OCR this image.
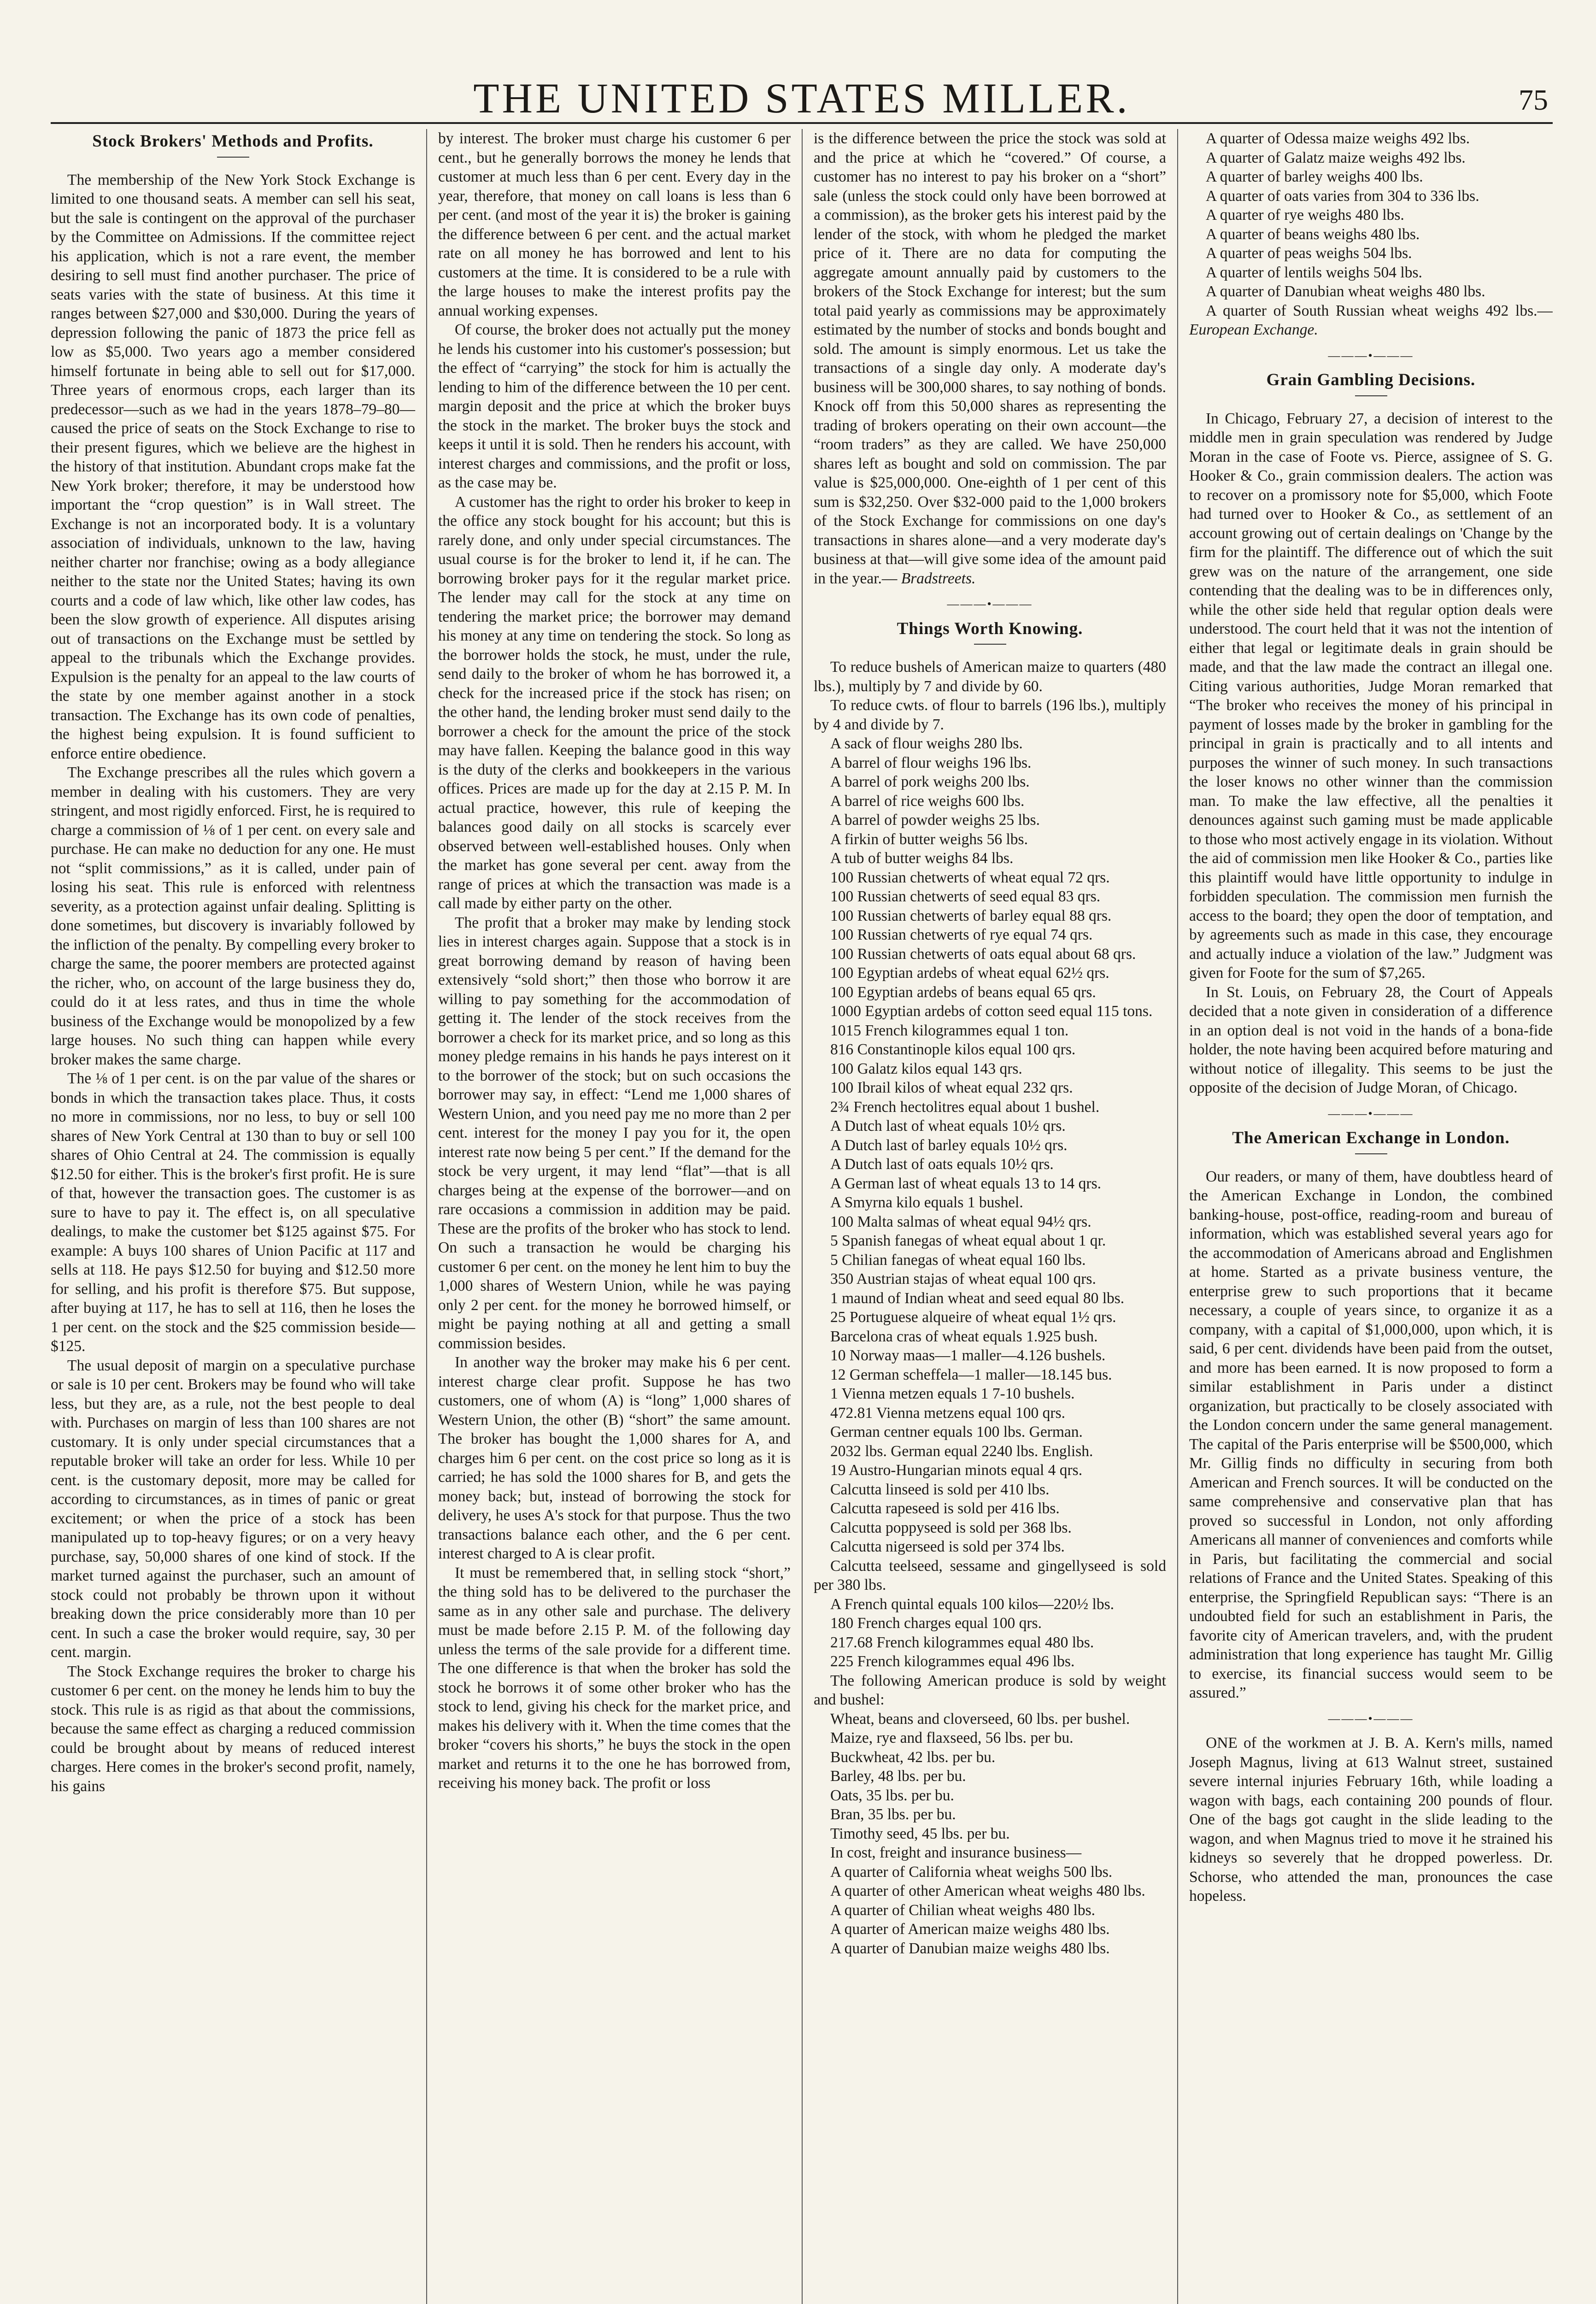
THE UNITED STATES MILLER.	75
Stock Brokers' Methods and Profits.

The membership of the New York Stock Exchange is limited to one thousand seats. A member can sell his seat, but the sale is contingent on the approval of the purchaser by the Committee on Admissions. If the committee reject his application, which is not a rare event, the member desiring to sell must find another purchaser. The price of seats varies with the state of business. At this time it ranges between $27,000 and $30,000. During the years of depression following the panic of 1873 the price fell as low as $5,000. Two years ago a member considered himself fortunate in being able to sell out for $17,000. Three years of enormous crops, each larger than its predecessor—such as we had in the years 1878–79–80—caused the price of seats on the Stock Exchange to rise to their present figures, which we believe are the highest in the history of that institution. Abundant crops make fat the New York broker; therefore, it may be understood how important the “crop question” is in Wall street. The Exchange is not an incorporated body. It is a voluntary association of individuals, unknown to the law, having neither charter nor franchise; owing as a body allegiance neither to the state nor the United States; having its own courts and a code of law which, like other law codes, has been the slow growth of experience. All disputes arising out of transactions on the Exchange must be settled by appeal to the tribunals which the Exchange provides. Expulsion is the penalty for an appeal to the law courts of the state by one member against another in a stock transaction. The Exchange has its own code of penalties, the highest being expulsion. It is found sufficient to enforce entire obedience.

The Exchange prescribes all the rules which govern a member in dealing with his customers. They are very stringent, and most rigidly enforced. First, he is required to charge a commission of ⅛ of 1 per cent. on every sale and purchase. He can make no deduction for any one. He must not “split commissions,” as it is called, under pain of losing his seat. This rule is enforced with relentness severity, as a protection against unfair dealing. Splitting is done sometimes, but discovery is invariably followed by the infliction of the penalty. By compelling every broker to charge the same, the poorer members are protected against the richer, who, on account of the large business they do, could do it at less rates, and thus in time the whole business of the Exchange would be monopolized by a few large houses. No such thing can happen while every broker makes the same charge.

The ⅛ of 1 per cent. is on the par value of the shares or bonds in which the transaction takes place. Thus, it costs no more in commissions, nor no less, to buy or sell 100 shares of New York Central at 130 than to buy or sell 100 shares of Ohio Central at 24. The commission is equally $12.50 for either. This is the broker's first profit. He is sure of that, however the transaction goes. The customer is as sure to have to pay it. The effect is, on all speculative dealings, to make the customer bet $125 against $75. For example: A buys 100 shares of Union Pacific at 117 and sells at 118. He pays $12.50 for buying and $12.50 more for selling, and his profit is therefore $75. But suppose, after buying at 117, he has to sell at 116, then he loses the 1 per cent. on the stock and the $25 commission beside—$125.

The usual deposit of margin on a speculative purchase or sale is 10 per cent. Brokers may be found who will take less, but they are, as a rule, not the best people to deal with. Purchases on margin of less than 100 shares are not customary. It is only under special circumstances that a reputable broker will take an order for less. While 10 per cent. is the customary deposit, more may be called for according to circumstances, as in times of panic or great excitement; or when the price of a stock has been manipulated up to top-heavy figures; or on a very heavy purchase, say, 50,000 shares of one kind of stock. If the market turned against the purchaser, such an amount of stock could not probably be thrown upon it without breaking down the price considerably more than 10 per cent. In such a case the broker would require, say, 30 per cent. margin.

The Stock Exchange requires the broker to charge his customer 6 per cent. on the money he lends him to buy the stock. This rule is as rigid as that about the commissions, because the same effect as charging a reduced commission could be brought about by means of reduced interest charges. Here comes in the broker's second profit, namely, his gains

by interest. The broker must charge his customer 6 per cent., but he generally borrows the money he lends that customer at much less than 6 per cent. Every day in the year, therefore, that money on call loans is less than 6 per cent. (and most of the year it is) the broker is gaining the difference between 6 per cent. and the actual market rate on all money he has borrowed and lent to his customers at the time. It is considered to be a rule with the large houses to make the interest profits pay the annual working expenses.

Of course, the broker does not actually put the money he lends his customer into his customer's possession; but the effect of “carrying” the stock for him is actually the lending to him of the difference between the 10 per cent. margin deposit and the price at which the broker buys the stock in the market. The broker buys the stock and keeps it until it is sold. Then he renders his account, with interest charges and commissions, and the profit or loss, as the case may be.

A customer has the right to order his broker to keep in the office any stock bought for his account; but this is rarely done, and only under special circumstances. The usual course is for the broker to lend it, if he can. The borrowing broker pays for it the regular market price. The lender may call for the stock at any time on tendering the market price; the borrower may demand his money at any time on tendering the stock. So long as the borrower holds the stock, he must, under the rule, send daily to the broker of whom he has borrowed it, a check for the increased price if the stock has risen; on the other hand, the lending broker must send daily to the borrower a check for the amount the price of the stock may have fallen. Keeping the balance good in this way is the duty of the clerks and bookkeepers in the various offices. Prices are made up for the day at 2.15 P. M. In actual practice, however, this rule of keeping the balances good daily on all stocks is scarcely ever observed between well-established houses. Only when the market has gone several per cent. away from the range of prices at which the transaction was made is a call made by either party on the other.

The profit that a broker may make by lending stock lies in interest charges again. Suppose that a stock is in great borrowing demand by reason of having been extensively “sold short;” then those who borrow it are willing to pay something for the accommodation of getting it. The lender of the stock receives from the borrower a check for its market price, and so long as this money pledge remains in his hands he pays interest on it to the borrower of the stock; but on such occasions the borrower may say, in effect: “Lend me 1,000 shares of Western Union, and you need pay me no more than 2 per cent. interest for the money I pay you for it, the open interest rate now being 5 per cent.” If the demand for the stock be very urgent, it may lend “flat”—that is all charges being at the expense of the borrower—and on rare occasions a commission in addition may be paid. These are the profits of the broker who has stock to lend. On such a transaction he would be charging his customer 6 per cent. on the money he lent him to buy the 1,000 shares of Western Union, while he was paying only 2 per cent. for the money he borrowed himself, or might be paying nothing at all and getting a small commission besides.

In another way the broker may make his 6 per cent. interest charge clear profit. Suppose he has two customers, one of whom (A) is “long” 1,000 shares of Western Union, the other (B) “short” the same amount. The broker has bought the 1,000 shares for A, and charges him 6 per cent. on the cost price so long as it is carried; he has sold the 1000 shares for B, and gets the money back; but, instead of borrowing the stock for delivery, he uses A's stock for that purpose. Thus the two transactions balance each other, and the 6 per cent. interest charged to A is clear profit.

It must be remembered that, in selling stock “short,” the thing sold has to be delivered to the purchaser the same as in any other sale and purchase. The delivery must be made before 2.15 P. M. of the following day unless the terms of the sale provide for a different time. The one difference is that when the broker has sold the stock he borrows it of some other broker who has the stock to lend, giving his check for the market price, and makes his delivery with it. When the time comes that the broker “covers his shorts,” he buys the stock in the open market and returns it to the one he has borrowed from, receiving his money back. The profit or loss

is the difference between the price the stock was sold at and the price at which he “covered.” Of course, a customer has no interest to pay his broker on a “short” sale (unless the stock could only have been borrowed at a commission), as the broker gets his interest paid by the lender of the stock, with whom he pledged the market price of it. There are no data for computing the aggregate amount annually paid by customers to the brokers of the Stock Exchange for interest; but the sum total paid yearly as commissions may be approximately estimated by the number of stocks and bonds bought and sold. The amount is simply enormous. Let us take the transactions of a single day only. A moderate day's business will be 300,000 shares, to say nothing of bonds. Knock off from this 50,000 shares as representing the trading of brokers operating on their own account—the “room traders” as they are called. We have 250,000 shares left as bought and sold on commission. The par value is $25,000,000. One-eighth of 1 per cent of this sum is $32,250. Over $32-000 paid to the 1,000 brokers of the Stock Exchange for commissions on one day's transactions in shares alone—and a very moderate day's business at that—will give some idea of the amount paid in the year.— Bradstreets.

———•———
Things Worth Knowing.
To reduce bushels of American maize to quarters (480 lbs.), multiply by 7 and divide by 60.
To reduce cwts. of flour to barrels (196 lbs.), multiply by 4 and divide by 7.
A sack of flour weighs 280 lbs.
A barrel of flour weighs 196 lbs.
A barrel of pork weighs 200 lbs.
A barrel of rice weighs 600 lbs.
A barrel of powder weighs 25 lbs.
A firkin of butter weighs 56 lbs.
A tub of butter weighs 84 lbs.
100 Russian chetwerts of wheat equal 72 qrs.
100 Russian chetwerts of seed equal 83 qrs.
100 Russian chetwerts of barley equal 88 qrs.
100 Russian chetwerts of rye equal 74 qrs.
100 Russian chetwerts of oats equal about 68 qrs.
100 Egyptian ardebs of wheat equal 62½ qrs.
100 Egyptian ardebs of beans equal 65 qrs.
1000 Egyptian ardebs of cotton seed equal 115 tons.
1015 French kilogrammes equal 1 ton.
816 Constantinople kilos equal 100 qrs.
100 Galatz kilos equal 143 qrs.
100 Ibrail kilos of wheat equal 232 qrs.
2¾ French hectolitres equal about 1 bushel.
A Dutch last of wheat equals 10½ qrs.
A Dutch last of barley equals 10½ qrs.
A Dutch last of oats equals 10½ qrs.
A German last of wheat equals 13 to 14 qrs.
A Smyrna kilo equals 1 bushel.
100 Malta salmas of wheat equal 94½ qrs.
5 Spanish fanegas of wheat equal about 1 qr.
5 Chilian fanegas of wheat equal 160 lbs.
350 Austrian stajas of wheat equal 100 qrs.
1 maund of Indian wheat and seed equal 80 lbs.
25 Portuguese alqueire of wheat equal 1½ qrs.
Barcelona cras of wheat equals 1.925 bush.
10 Norway maas—1 maller—4.126 bushels.
12 German scheffela—1 maller—18.145 bus.
1 Vienna metzen equals 1 7-10 bushels.
472.81 Vienna metzens equal 100 qrs.
German centner equals 100 lbs. German.
2032 lbs. German equal 2240 lbs. English.
19 Austro-Hungarian minots equal 4 qrs.
Calcutta linseed is sold per 410 lbs.
Calcutta rapeseed is sold per 416 lbs.
Calcutta poppyseed is sold per 368 lbs.
Calcutta nigerseed is sold per 374 lbs.
Calcutta teelseed, sessame and gingellyseed is sold per 380 lbs.
A French quintal equals 100 kilos—220½ lbs.
180 French charges equal 100 qrs.
217.68 French kilogrammes equal 480 lbs.
225 French kilogrammes equal 496 lbs.
The following American produce is sold by weight and bushel:
Wheat, beans and cloverseed, 60 lbs. per bushel.
Maize, rye and flaxseed, 56 lbs. per bu.
Buckwheat, 42 lbs. per bu.
Barley, 48 lbs. per bu.
Oats, 35 lbs. per bu.
Bran, 35 lbs. per bu.
Timothy seed, 45 lbs. per bu.
In cost, freight and insurance business—
A quarter of California wheat weighs 500 lbs.
A quarter of other American wheat weighs 480 lbs.
A quarter of Chilian wheat weighs 480 lbs.
A quarter of American maize weighs 480 lbs.
A quarter of Danubian maize weighs 480 lbs.
A quarter of Odessa maize weighs 492 lbs.
A quarter of Galatz maize weighs 492 lbs.
A quarter of barley weighs 400 lbs.
A quarter of oats varies from 304 to 336 lbs.
A quarter of rye weighs 480 lbs.
A quarter of beans weighs 480 lbs.
A quarter of peas weighs 504 lbs.
A quarter of lentils weighs 504 lbs.
A quarter of Danubian wheat weighs 480 lbs.
A quarter of South Russian wheat weighs 492 lbs.—European Exchange.
———•———
Grain Gambling Decisions.

In Chicago, February 27, a decision of interest to the middle men in grain speculation was rendered by Judge Moran in the case of Foote vs. Pierce, assignee of S. G. Hooker & Co., grain commission dealers. The action was to recover on a promissory note for $5,000, which Foote had turned over to Hooker & Co., as settlement of an account growing out of certain dealings on 'Change by the firm for the plaintiff. The difference out of which the suit grew was on the nature of the arrangement, one side contending that the dealing was to be in differences only, while the other side held that regular option deals were understood. The court held that it was not the intention of either that legal or legitimate deals in grain should be made, and that the law made the contract an illegal one. Citing various authorities, Judge Moran remarked that “The broker who receives the money of his principal in payment of losses made by the broker in gambling for the principal in grain is practically and to all intents and purposes the winner of such money. In such transactions the loser knows no other winner than the commission man. To make the law effective, all the penalties it denounces against such gaming must be made applicable to those who most actively engage in its violation. Without the aid of commission men like Hooker & Co., parties like this plaintiff would have little opportunity to indulge in forbidden speculation. The commission men furnish the access to the board; they open the door of temptation, and by agreements such as made in this case, they encourage and actually induce a violation of the law.” Judgment was given for Foote for the sum of $7,265.

In St. Louis, on February 28, the Court of Appeals decided that a note given in consideration of a difference in an option deal is not void in the hands of a bona-fide holder, the note having been acquired before maturing and without notice of illegality. This seems to be just the opposite of the decision of Judge Moran, of Chicago.

———•———
The American Exchange in London.

Our readers, or many of them, have doubtless heard of the American Exchange in London, the combined banking-house, post-office, reading-room and bureau of information, which was established several years ago for the accommodation of Americans abroad and Englishmen at home. Started as a private business venture, the enterprise grew to such proportions that it became necessary, a couple of years since, to organize it as a company, with a capital of $1,000,000, upon which, it is said, 6 per cent. dividends have been paid from the outset, and more has been earned. It is now proposed to form a similar establishment in Paris under a distinct organization, but practically to be closely associated with the London concern under the same general management. The capital of the Paris enterprise will be $500,000, which Mr. Gillig finds no difficulty in securing from both American and French sources. It will be conducted on the same comprehensive and conservative plan that has proved so successful in London, not only affording Americans all manner of conveniences and comforts while in Paris, but facilitating the commercial and social relations of France and the United States. Speaking of this enterprise, the Springfield Republican says: “There is an undoubted field for such an establishment in Paris, the favorite city of American travelers, and, with the prudent administration that long experience has taught Mr. Gillig to exercise, its financial success would seem to be assured.”

———•———

ONE of the workmen at J. B. A. Kern's mills, named Joseph Magnus, living at 613 Walnut street, sustained severe internal injuries February 16th, while loading a wagon with bags, each containing 200 pounds of flour. One of the bags got caught in the slide leading to the wagon, and when Magnus tried to move it he strained his kidneys so severely that he dropped powerless. Dr. Schorse, who attended the man, pronounces the case hopeless.
